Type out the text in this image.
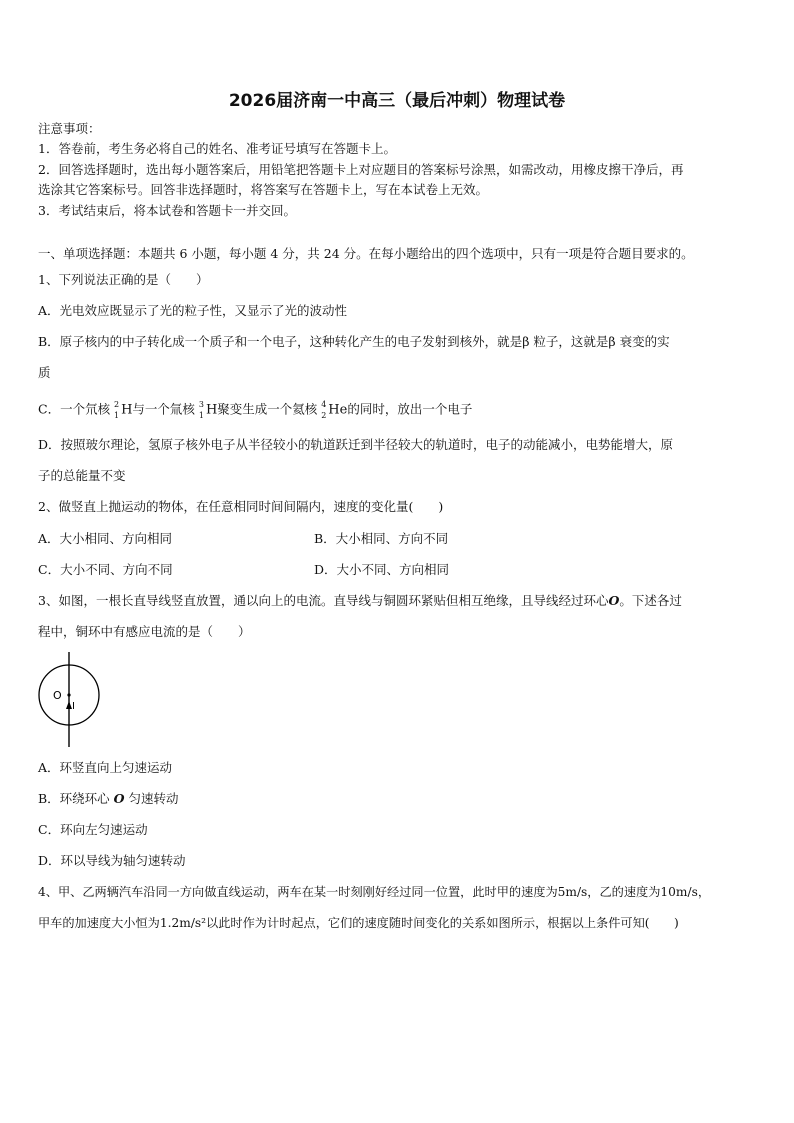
2026届济南一中高三（最后冲刺）物理试卷
注意事项：
1．答卷前，考生务必将自己的姓名、准考证号填写在答题卡上。
2．回答选择题时，选出每小题答案后，用铅笔把答题卡上对应题目的答案标号涂黑，如需改动，用橡皮擦干净后，再
选涂其它答案标号。回答非选择题时，将答案写在答题卡上，写在本试卷上无效。
3．考试结束后，将本试卷和答题卡一并交回。
一、单项选择题：本题共 6 小题，每小题 4 分，共 24 分。在每小题给出的四个选项中，只有一项是符合题目要求的。
1、下列说法正确的是（　　）
A．光电效应既显示了光的粒子性，又显示了光的波动性
B．原子核内的中子转化成一个质子和一个电子，这种转化产生的电子发射到核外，就是β 粒子，这就是β 衰变的实
质
C．一个氘核 2
1 H与一个氚核 3
1 H聚变生成一个氦核 4
2 He的同时，放出一个电子
D．按照玻尔理论，氢原子核外电子从半径较小的轨道跃迁到半径较大的轨道时，电子的动能减小，电势能增大，原
子的总能量不变
2、做竖直上抛运动的物体，在任意相同时间间隔内，速度的变化量(　　)
A．大小相同、方向相同	B．大小相同、方向不同
C．大小不同、方向不同	D．大小不同、方向相同
3、如图，一根长直导线竖直放置，通以向上的电流。直导线与铜圆环紧贴但相互绝缘，且导线经过环心O。下述各过
程中，铜环中有感应电流的是（　　）
O
I
A．环竖直向上匀速运动
B．环绕环心 O 匀速转动
C．环向左匀速运动
D．环以导线为轴匀速转动
4、甲、乙两辆汽车沿同一方向做直线运动，两车在某一时刻刚好经过同一位置，此时甲的速度为5m/s，乙的速度为10m/s，
甲车的加速度大小恒为1.2m/s²以此时作为计时起点，它们的速度随时间变化的关系如图所示，根据以上条件可知(　　)
